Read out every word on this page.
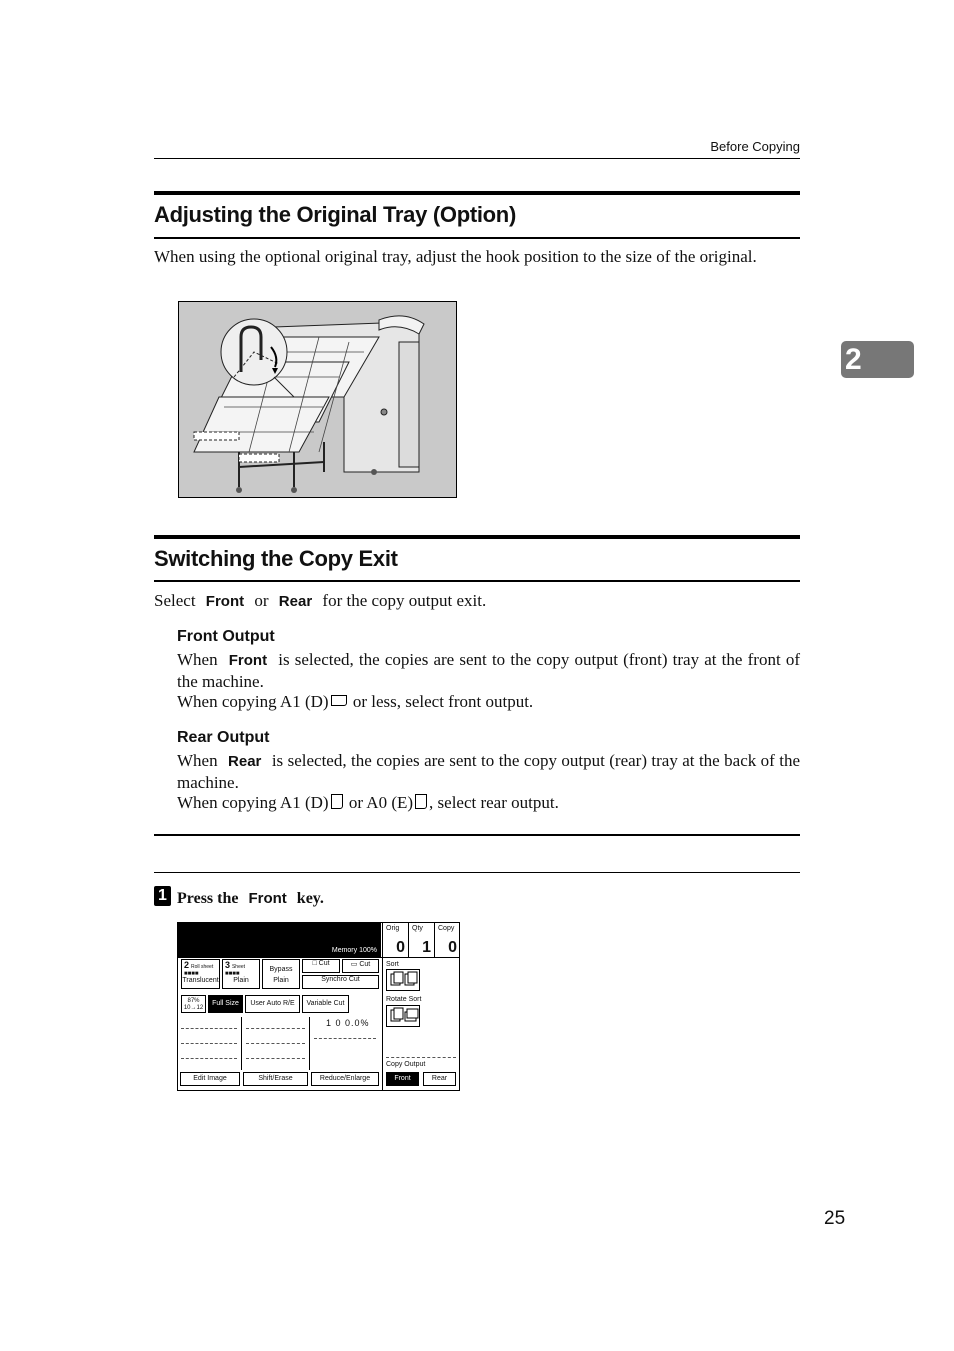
Before Copying
2
Adjusting the Original Tray (Option)
When using the optional original tray, adjust the hook position to the size of the original.
Switching the Copy Exit
Select Front or Rear for the copy output exit.
Front Output
When Front is selected, the copies are sent to the copy output (front) tray at the front of the machine.
When copying A1 (D) or less, select front output.
Rear Output
When Rear is selected, the copies are sent to the copy output (rear) tray at the back of the machine.
When copying A1 (D) or A0 (E) , select rear output.
1 Press the Front key.
Memory 100%
Orig
0
Qty
1
Copy
0
2 Roll sheet ■■■■
Translucent
3 Sheet ■■■■
Plain
Bypass
Plain
□ Cut	▭ Cut
Synchro Cut
87% 10→12
Full Size	User Auto R/E	Variable Cut
1 0 0.0%
Edit Image	Shift/Erase	Reduce/Enlarge
Sort
Rotate Sort
Copy Output
Front	Rear
25
